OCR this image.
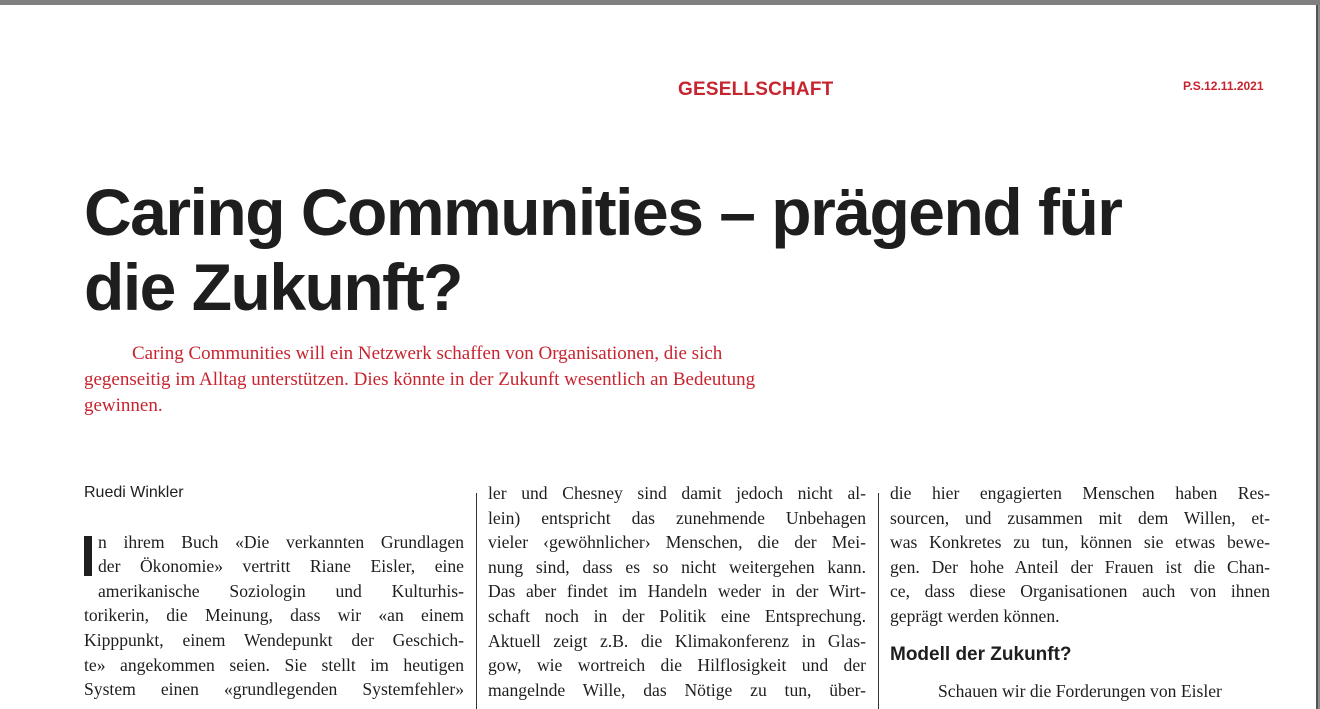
GESELLSCHAFT	P.S.12.11.2021
Caring Communities – prägend für
die Zukunft?

Caring Communities will ein Netzwerk schaffen von Organisationen, die sich
gegenseitig im Alltag unterstützen. Dies könnte in der Zukunft wesentlich an Bedeutung
gewinnen.

Ruedi Winkler
n ihrem Buch «Die verkannten Grundlagen
der Ökonomie» vertritt Riane Eisler, eine
amerikanische Soziologin und Kulturhis-
torikerin, die Meinung, dass wir «an einem
Kipppunkt, einem Wendepunkt der Geschich-
te» angekommen seien. Sie stellt im heutigen
System einen «grundlegenden Systemfehler»
ler und Chesney sind damit jedoch nicht al-
lein) entspricht das zunehmende Unbehagen
vieler ‹gewöhnlicher› Menschen, die der Mei-
nung sind, dass es so nicht weitergehen kann.
Das aber findet im Handeln weder in der Wirt-
schaft noch in der Politik eine Entsprechung.
Aktuell zeigt z.B. die Klimakonferenz in Glas-
gow, wie wortreich die Hilflosigkeit und der
mangelnde Wille, das Nötige zu tun, über-
die hier engagierten Menschen haben Res-
sourcen, und zusammen mit dem Willen, et-
was Konkretes zu tun, können sie etwas bewe-
gen. Der hohe Anteil der Frauen ist die Chan-
ce, dass diese Organisationen auch von ihnen
geprägt werden können.
Modell der Zukunft?
Schauen wir die Forderungen von Eisler
